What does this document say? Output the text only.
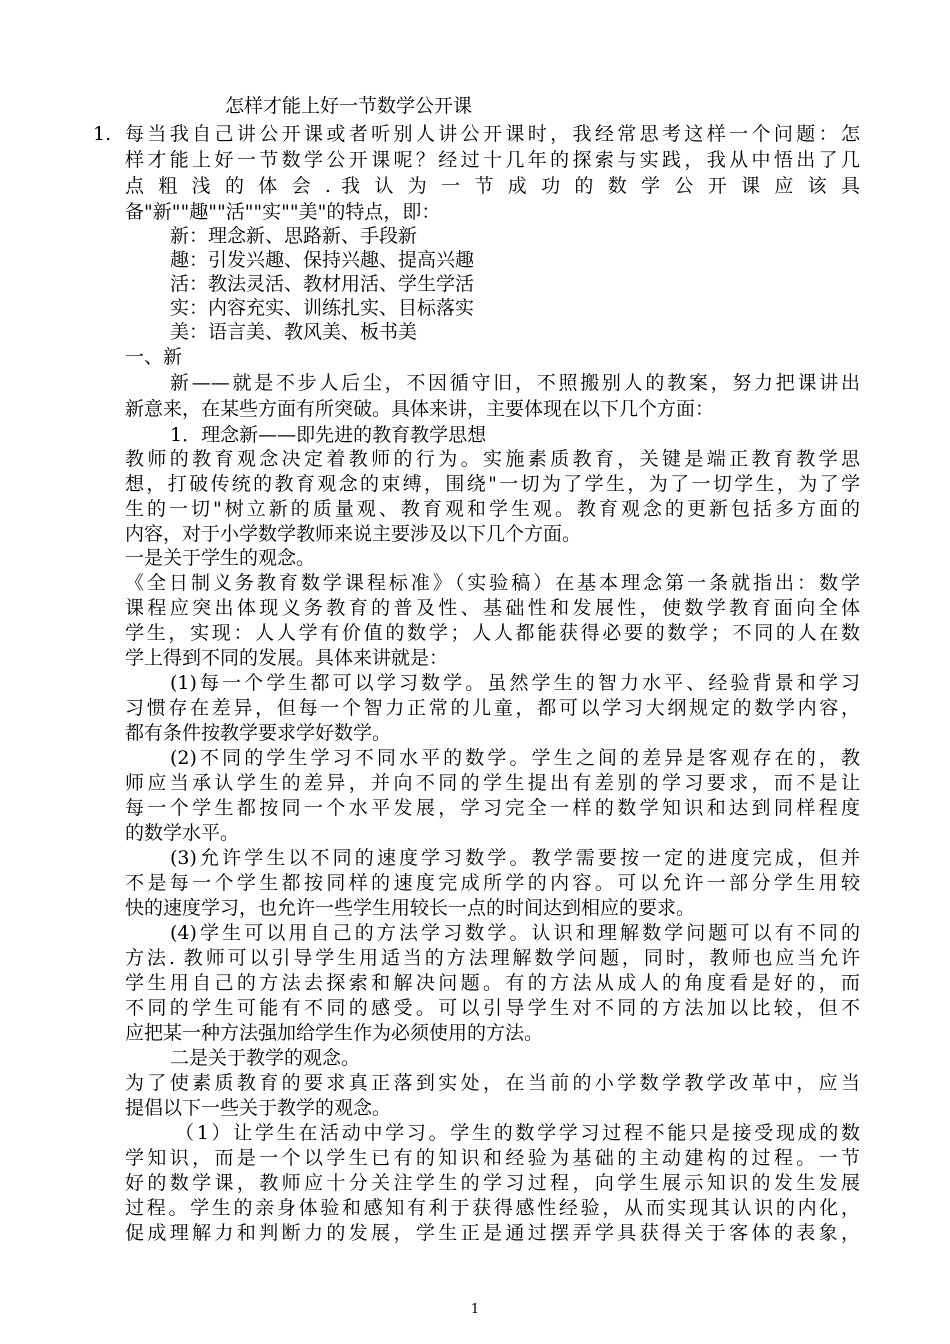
怎样才能上好一节数学公开课
1. 每当我自己讲公开课或者听别人讲公开课时，我经常思考这样一个问题：怎
样才能上好一节数学公开课呢？经过十几年的探索与实践，我从中悟出了几
点 粗 浅 的 体 会 . 我 认 为 一 节 成 功 的 数 学 公 开 课 应 该 具
备"新""趣""活""实""美"的特点，即：
新：理念新、思路新、手段新
趣：引发兴趣、保持兴趣、提高兴趣
活：教法灵活、教材用活、学生学活
实：内容充实、训练扎实、目标落实
美：语言美、教风美、板书美
一、新
新——就是不步人后尘，不因循守旧，不照搬别人的教案，努力把课讲出
新意来，在某些方面有所突破。具体来讲，主要体现在以下几个方面：
1．理念新——即先进的教育教学思想
教师的教育观念决定着教师的行为。实施素质教育，关键是端正教育教学思
想，打破传统的教育观念的束缚，围绕"一切为了学生，为了一切学生，为了学
生的一切"树立新的质量观、教育观和学生观。教育观念的更新包括多方面的
内容，对于小学数学教师来说主要涉及以下几个方面。
一是关于学生的观念。
《全日制义务教育数学课程标准》（实验稿）在基本理念第一条就指出：数学
课程应突出体现义务教育的普及性、基础性和发展性，使数学教育面向全体
学生，实现：人人学有价值的数学；人人都能获得必要的数学；不同的人在数
学上得到不同的发展。具体来讲就是：
(1)每一个学生都可以学习数学。虽然学生的智力水平、经验背景和学习
习惯存在差异，但每一个智力正常的儿童，都可以学习大纲规定的数学内容，
都有条件按教学要求学好数学。
(2)不同的学生学习不同水平的数学。学生之间的差异是客观存在的，教
师应当承认学生的差异，并向不同的学生提出有差别的学习要求，而不是让
每一个学生都按同一个水平发展，学习完全一样的数学知识和达到同样程度
的数学水平。
(3)允许学生以不同的速度学习数学。教学需要按一定的进度完成，但并
不是每一个学生都按同样的速度完成所学的内容。可以允许一部分学生用较
快的速度学习，也允许一些学生用较长一点的时间达到相应的要求。
(4)学生可以用自己的方法学习数学。认识和理解数学问题可以有不同的
方法. 教师可以引导学生用适当的方法理解数学问题，同时，教师也应当允许
学生用自己的方法去探索和解决问题。有的方法从成人的角度看是好的，而
不同的学生可能有不同的感受。可以引导学生对不同的方法加以比较，但不
应把某一种方法强加给学生作为必须使用的方法。
二是关于教学的观念。
为了使素质教育的要求真正落到实处，在当前的小学数学教学改革中，应当
提倡以下一些关于教学的观念。
（1）让学生在活动中学习。学生的数学学习过程不能只是接受现成的数
学知识，而是一个以学生已有的知识和经验为基础的主动建构的过程。一节
好的数学课，教师应十分关注学生的学习过程，向学生展示知识的发生发展
过程。学生的亲身体验和感知有利于获得感性经验，从而实现其认识的内化，
促成理解力和判断力的发展，学生正是通过摆弄学具获得关于客体的表象，
1
